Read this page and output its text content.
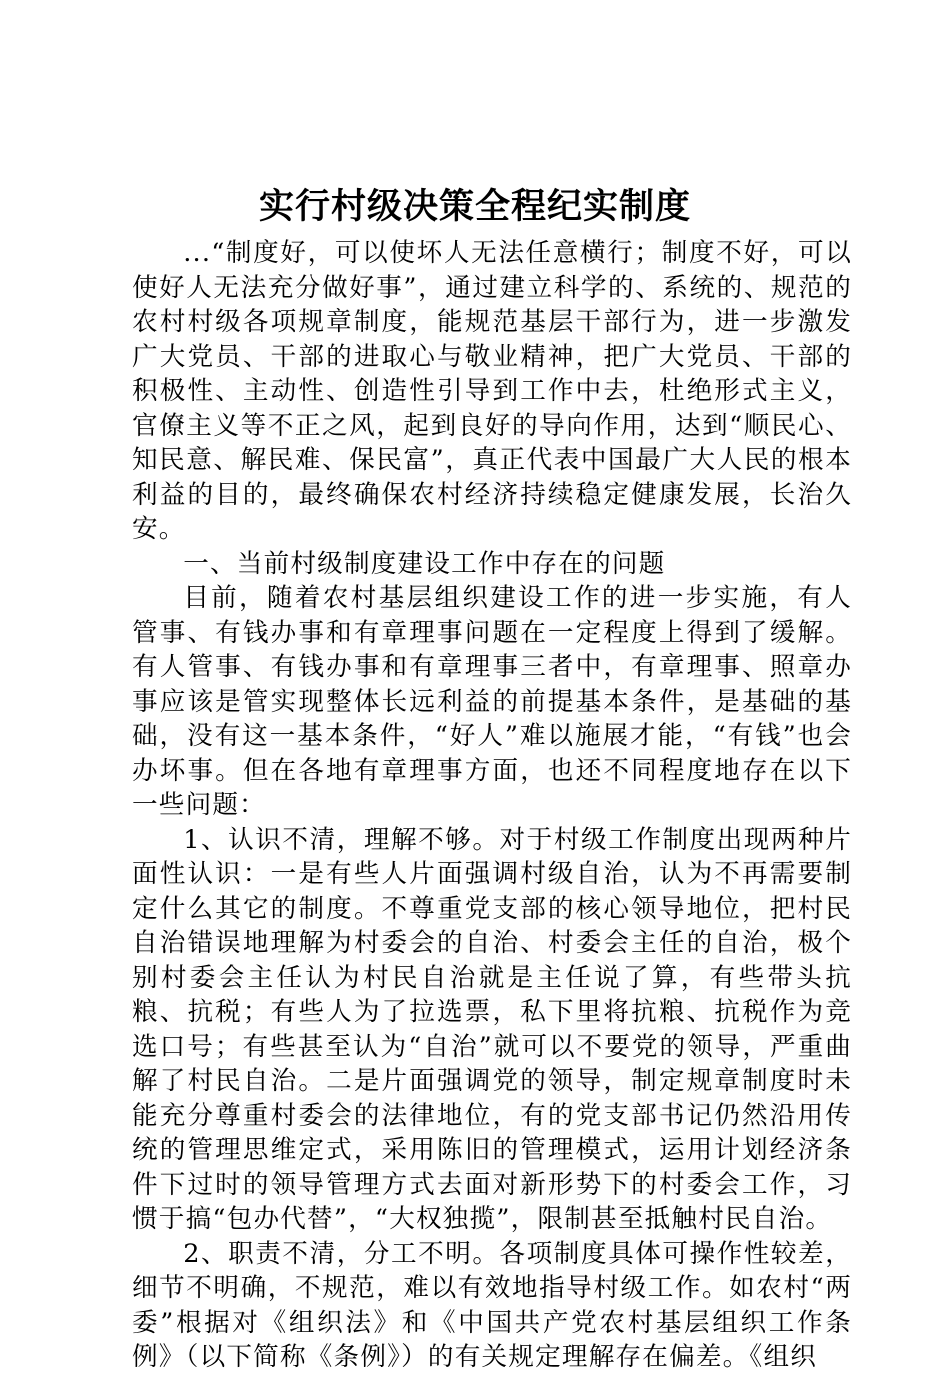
实行村级决策全程纪实制度

...“制度好，可以使坏人无法任意横行；制度不好，可以使好人无法充分做好事”，通过建立科学的、系统的、规范的农村村级各项规章制度，能规范基层干部行为，进一步激发广大党员、干部的进取心与敬业精神，把广大党员、干部的积极性、主动性、创造性引导到工作中去，杜绝形式主义，官僚主义等不正之风，起到良好的导向作用，达到“顺民心、知民意、解民难、保民富”，真正代表中国最广大人民的根本利益的目的，最终确保农村经济持续稳定健康发展，长治久安。

一、当前村级制度建设工作中存在的问题

目前，随着农村基层组织建设工作的进一步实施，有人管事、有钱办事和有章理事问题在一定程度上得到了缓解。有人管事、有钱办事和有章理事三者中，有章理事、照章办事应该是管实现整体长远利益的前提基本条件，是基础的基础，没有这一基本条件，“好人”难以施展才能，“有钱”也会办坏事。但在各地有章理事方面，也还不同程度地存在以下一些问题：

1、认识不清，理解不够。对于村级工作制度出现两种片面性认识：一是有些人片面强调村级自治，认为不再需要制定什么其它的制度。不尊重党支部的核心领导地位，把村民自治错误地理解为村委会的自治、村委会主任的自治，极个别村委会主任认为村民自治就是主任说了算，有些带头抗粮、抗税；有些人为了拉选票，私下里将抗粮、抗税作为竞选口号；有些甚至认为“自治”就可以不要党的领导，严重曲解了村民自治。二是片面强调党的领导，制定规章制度时未能充分尊重村委会的法律地位，有的党支部书记仍然沿用传统的管理思维定式，采用陈旧的管理模式，运用计划经济条件下过时的领导管理方式去面对新形势下的村委会工作，习惯于搞“包办代替”，“大权独揽”，限制甚至抵触村民自治。

2、职责不清，分工不明。各项制度具体可操作性较差，细节不明确，不规范，难以有效地指导村级工作。如农村“两委”根据对《组织法》和《中国共产党农村基层组织工作条例》（以下简称《条例》）的有关规定理解存在偏差。《组织
